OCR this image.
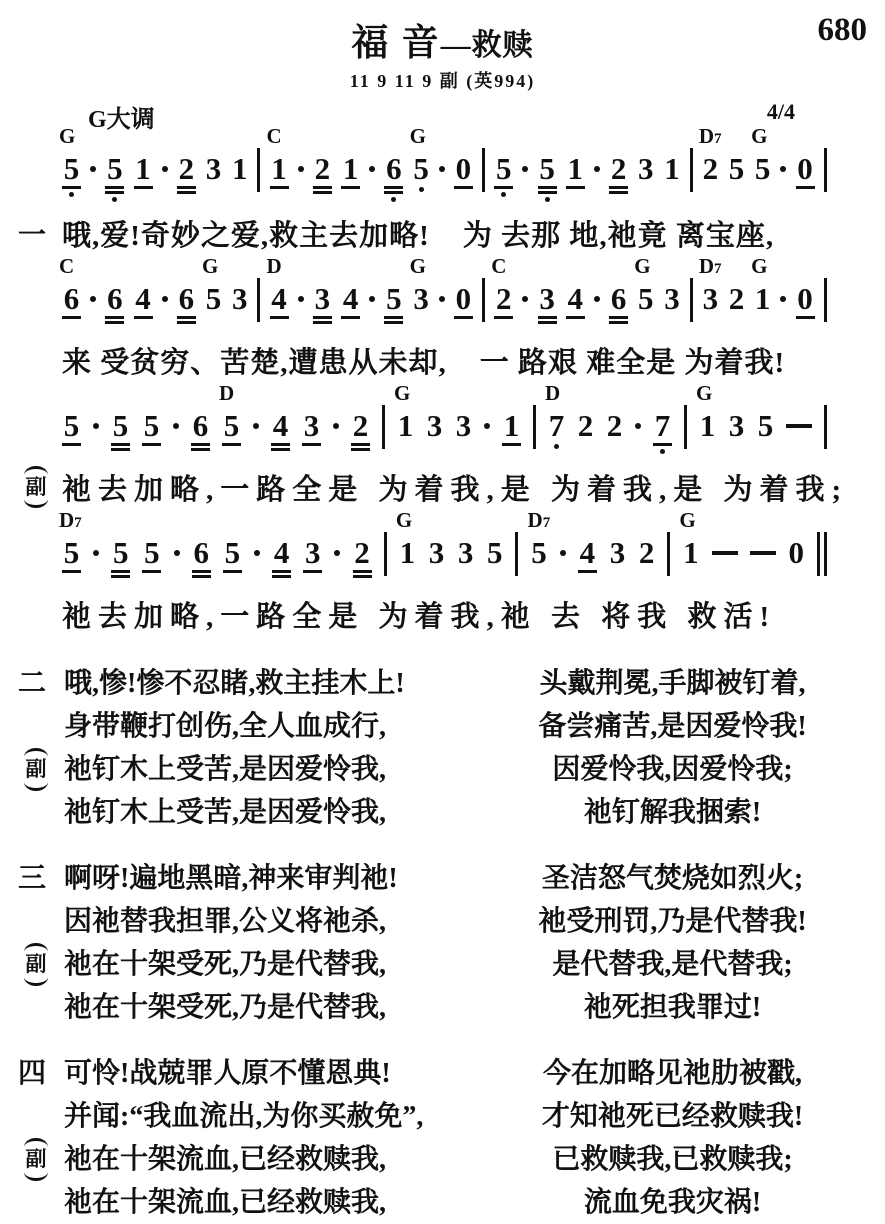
福 音—救赎	680
11 9 11 9 副 (英994)
G大调	4/4
G
5 5 1 2 3 1
C
1 2 1 6
G
5 0 5 5 1 2 3 1
D7
2 5
G
5 0
一 哦,爱!奇妙之爱,救主去加略!    为 去那 地,祂竟 离宝座,
C
6 6 4 6
G
5 3
D
4 3 4 5
G
3 0
C
2 3 4 6
G
5 3
D7
3 2
G
1 0
来 受贫穷、苦楚,遭患从未却,    一 路艰 难全是 为着我!
5 5 5 6
D
5 4 3 2
G
1 3 3 1
D
7 2 2 7
G
1 3 5
副 祂去加略,一路全是 为着我,是 为着我,是 为着我;
D7
5 5 5 6 5 4 3 2
G
1 3 3 5
D7
5 4 3 2
G
1	0
祂去加略,一路全是 为着我,祂 去 将我 救活!
二 哦,惨!惨不忍睹,救主挂木上!	头戴荆冕,手脚被钉着,
身带鞭打创伤,全人血成行,	备尝痛苦,是因爱怜我!
副 祂钉木上受苦,是因爱怜我,	因爱怜我,因爱怜我;
祂钉木上受苦,是因爱怜我,	祂钉解我捆索!
三 啊呀!遍地黑暗,神来审判祂!	圣洁怒气焚烧如烈火;
因祂替我担罪,公义将祂杀,	祂受刑罚,乃是代替我!
副 祂在十架受死,乃是代替我,	是代替我,是代替我;
祂在十架受死,乃是代替我,	祂死担我罪过!
四 可怜!战兢罪人原不懂恩典!	今在加略见祂肋被戳,
并闻:“我血流出,为你买赦免”,	才知祂死已经救赎我!
副 祂在十架流血,已经救赎我,	已救赎我,已救赎我;
祂在十架流血,已经救赎我,	流血免我灾祸!
